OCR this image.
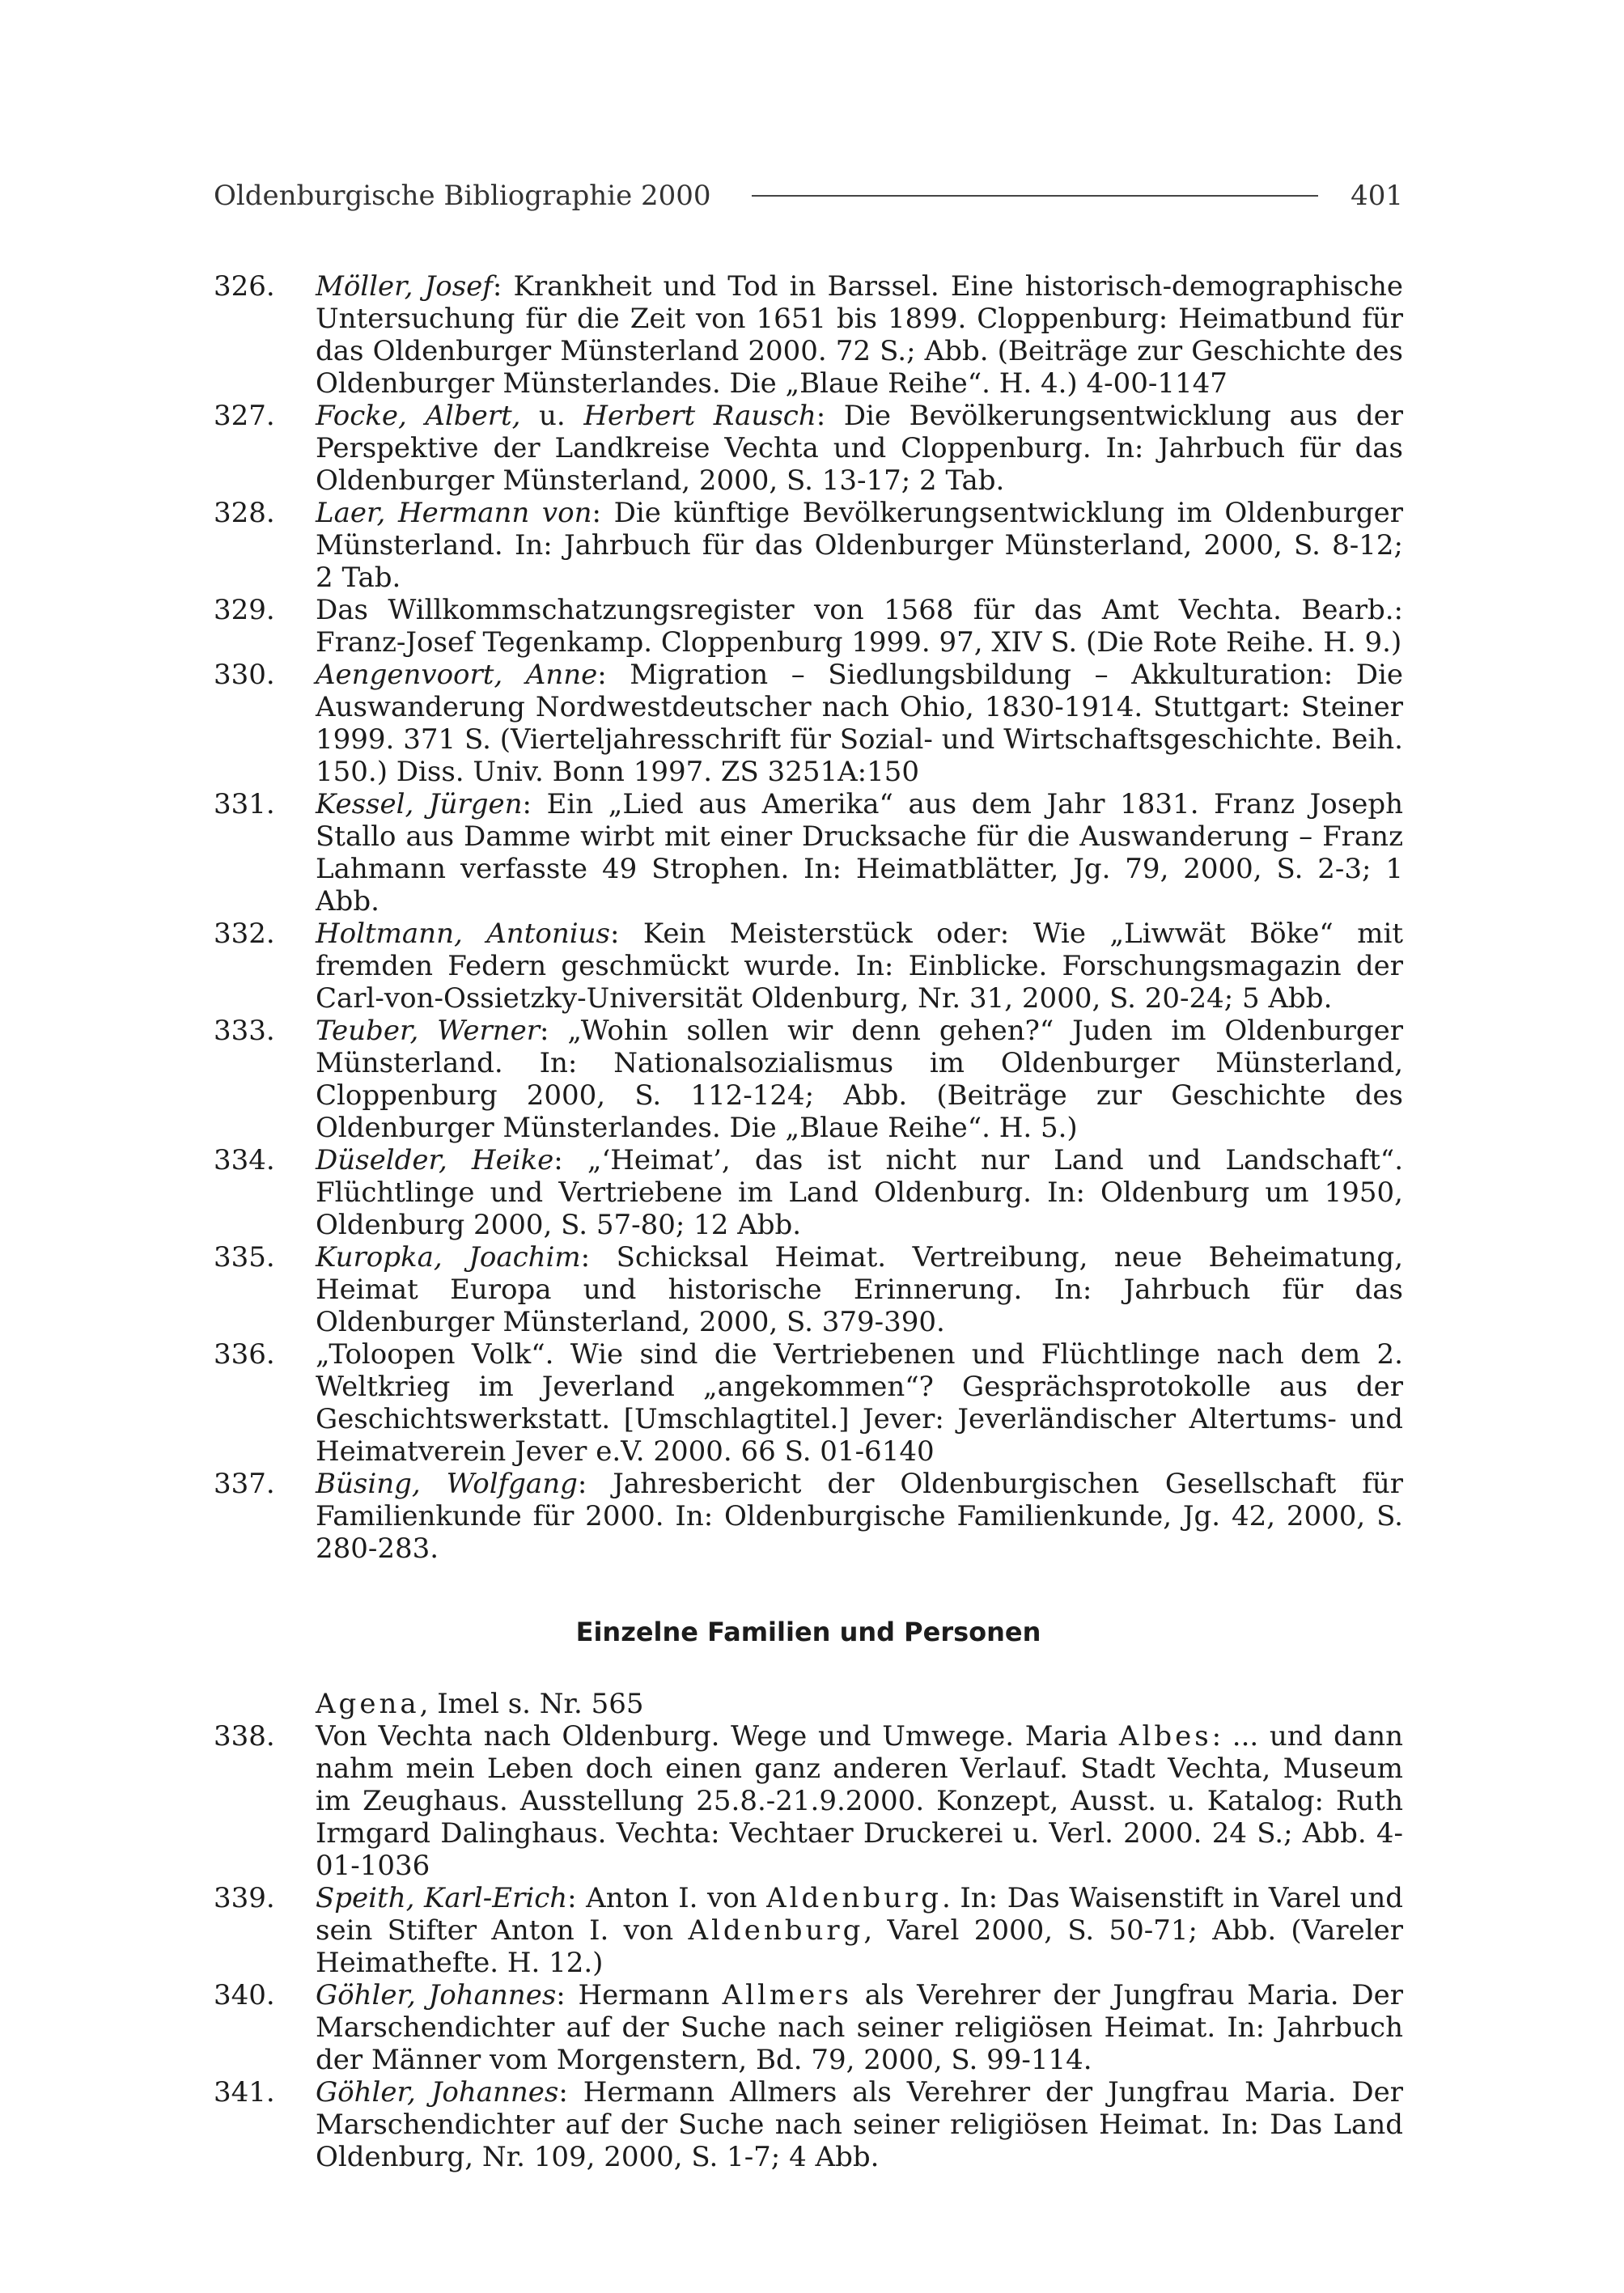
Oldenburgische Bibliographie 2000	401
326.	Möller, Josef: Krankheit und Tod in Barssel. Eine historisch-demographische Untersuchung für die Zeit von 1651 bis 1899. Cloppenburg: Heimatbund für das Oldenburger Münsterland 2000. 72 S.; Abb. (Beiträge zur Geschichte des Oldenburger Münsterlandes. Die „Blaue Reihe“. H. 4.) 4-00-1147
327.	Focke, Albert, u. Herbert Rausch: Die Bevölkerungsentwicklung aus der Perspektive der Landkreise Vechta und Cloppenburg. In: Jahrbuch für das Oldenburger Münsterland, 2000, S. 13-17; 2 Tab.
328.	Laer, Hermann von: Die künftige Bevölkerungsentwicklung im Oldenburger Münsterland. In: Jahrbuch für das Oldenburger Münsterland, 2000, S. 8-12; 2 Tab.
329.	Das Willkommschatzungsregister von 1568 für das Amt Vechta. Bearb.: Franz-Josef Tegenkamp. Cloppenburg 1999. 97, XIV S. (Die Rote Reihe. H. 9.)
330.	Aengenvoort, Anne: Migration – Siedlungsbildung – Akkulturation: Die Auswanderung Nordwestdeutscher nach Ohio, 1830-1914. Stuttgart: Steiner 1999. 371 S. (Vierteljahresschrift für Sozial- und Wirtschaftsgeschichte. Beih. 150.) Diss. Univ. Bonn 1997. ZS 3251A:150
331.	Kessel, Jürgen: Ein „Lied aus Amerika“ aus dem Jahr 1831. Franz Joseph Stallo aus Damme wirbt mit einer Drucksache für die Auswanderung – Franz Lahmann verfasste 49 Strophen. In: Heimatblätter, Jg. 79, 2000, S. 2-3; 1 Abb.
332.	Holtmann, Antonius: Kein Meisterstück oder: Wie „Liwwät Böke“ mit fremden Federn geschmückt wurde. In: Einblicke. Forschungsmagazin der Carl-von-Ossietzky-Universität Oldenburg, Nr. 31, 2000, S. 20-24; 5 Abb.
333.	Teuber, Werner: „Wohin sollen wir denn gehen?“ Juden im Oldenburger Münsterland. In: Nationalsozialismus im Oldenburger Münsterland, Cloppenburg 2000, S. 112-124; Abb. (Beiträge zur Geschichte des Oldenburger Münsterlandes. Die „Blaue Reihe“. H. 5.)
334.	Düselder, Heike: „‘Heimat’, das ist nicht nur Land und Landschaft“. Flüchtlinge und Vertriebene im Land Oldenburg. In: Oldenburg um 1950, Oldenburg 2000, S. 57-80; 12 Abb.
335.	Kuropka, Joachim: Schicksal Heimat. Vertreibung, neue Beheimatung, Heimat Europa und historische Erinnerung. In: Jahrbuch für das Oldenburger Münsterland, 2000, S. 379-390.
336.	„Toloopen Volk“. Wie sind die Vertriebenen und Flüchtlinge nach dem 2. Weltkrieg im Jeverland „angekommen“? Gesprächsprotokolle aus der Geschichtswerkstatt. [Umschlagtitel.] Jever: Jeverländischer Altertums- und Heimatverein Jever e.V. 2000. 66 S. 01-6140
337.	Büsing, Wolfgang: Jahresbericht der Oldenburgischen Gesellschaft für Familienkunde für 2000. In: Oldenburgische Familienkunde, Jg. 42, 2000, S. 280-283.
Einzelne Familien und Personen
Agena, Imel s. Nr. 565
338.	Von Vechta nach Oldenburg. Wege und Umwege. Maria Albes: ... und dann nahm mein Leben doch einen ganz anderen Verlauf. Stadt Vechta, Museum im Zeughaus. Ausstellung 25.8.-21.9.2000. Konzept, Ausst. u. Katalog: Ruth Irmgard Dalinghaus. Vechta: Vechtaer Druckerei u. Verl. 2000. 24 S.; Abb. 4-01-1036
339.	Speith, Karl-Erich: Anton I. von Aldenburg. In: Das Waisenstift in Varel und sein Stifter Anton I. von Aldenburg, Varel 2000, S. 50-71; Abb. (Vareler Heimathefte. H. 12.)
340.	Göhler, Johannes: Hermann Allmers als Verehrer der Jungfrau Maria. Der Marschendichter auf der Suche nach seiner religiösen Heimat. In: Jahrbuch der Männer vom Morgenstern, Bd. 79, 2000, S. 99-114.
341.	Göhler, Johannes: Hermann Allmers als Verehrer der Jungfrau Maria. Der Marschendichter auf der Suche nach seiner religiösen Heimat. In: Das Land Oldenburg, Nr. 109, 2000, S. 1-7; 4 Abb.
